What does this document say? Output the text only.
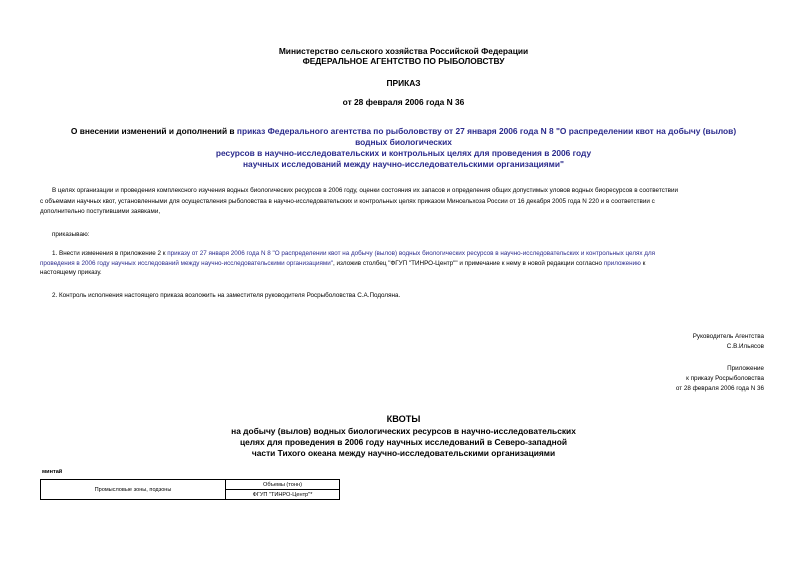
Министерство сельского хозяйства Российской Федерации
ФЕДЕРАЛЬНОЕ АГЕНТСТВО ПО РЫБОЛОВСТВУ
ПРИКАЗ
от 28 февраля 2006 года N 36
О внесении изменений и дополнений в приказ Федерального агентства по рыболовству от 27 января 2006 года N 8 "О распределении квот на добычу (вылов)
водных биологических
ресурсов в научно-исследовательских и контрольных целях для проведения в 2006 году
научных исследований между научно-исследовательскими организациями"
В целях организации и проведения комплексного изучения водных биологических ресурсов в 2006 году, оценки состояния их запасов и определения общих допустимых уловов водных биоресурсов в соответствии
с объемами научных квот, установленными для осуществления рыболовства в научно-исследовательских и контрольных целях приказом Минсельхоза России от 16 декабря 2005 года N 220 и в соответствии с
дополнительно поступившими заявками,
приказываю:
1. Внести изменения в приложение 2 к приказу от 27 января 2006 года N 8 "О распределении квот на добычу (вылов) водных биологических ресурсов в научно-исследовательских и контрольных целях для
проведения в 2006 году научных исследований между научно-исследовательскими организациями", изложив столбец "ФГУП "ТИНРО-Центр"" и примечание к нему в новой редакции согласно приложению к
настоящему приказу.
2. Контроль исполнения настоящего приказа возложить на заместителя руководителя Росрыболовства С.А.Подоляна.
Руководитель Агентства
С.В.Ильясов
Приложение
к приказу Росрыболовства
от 28 февраля 2006 года N 36
КВОТЫ
на добычу (вылов) водных биологических ресурсов в научно-исследовательских
целях для проведения в 2006 году научных исследований в Северо-западной
части Тихого океана между научно-исследовательскими организациями
минтай
Промысловые зоны, подзоны	Объемы (тонн)
ФГУП "ТИНРО-Центр"*
